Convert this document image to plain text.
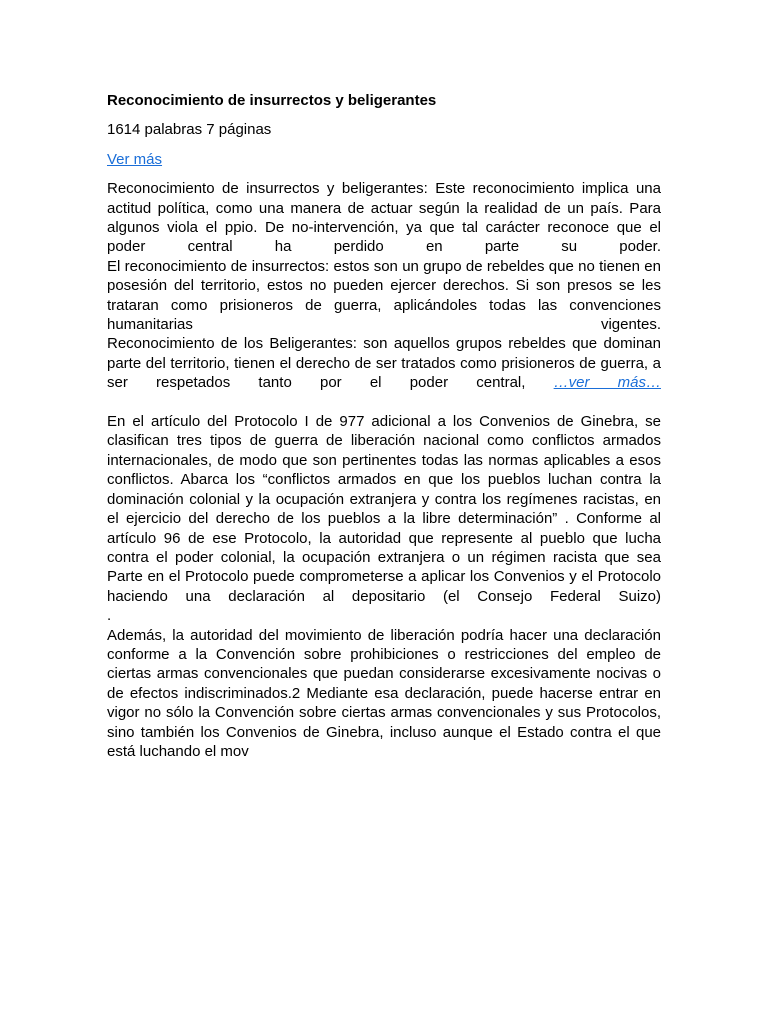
Reconocimiento de insurrectos y beligerantes
1614 palabras 7 páginas
Ver más

Reconocimiento de insurrectos y beligerantes: Este reconocimiento implica una actitud política, como una manera de actuar según la realidad de un país. Para algunos viola el ppio. De no-intervención, ya que tal carácter reconoce que el poder central ha perdido en parte su poder.

El reconocimiento de insurrectos: estos son un grupo de rebeldes que no tienen en posesión del territorio, estos no pueden ejercer derechos. Si son presos se les trataran como prisioneros de guerra, aplicándoles todas las convenciones humanitarias vigentes.

Reconocimiento de los Beligerantes: son aquellos grupos rebeldes que dominan parte del territorio, tienen el derecho de ser tratados como prisioneros de guerra, a ser respetados tanto por el poder central, …ver más…

En el artículo del Protocolo I de 977 adicional a los Convenios de Ginebra, se clasifican tres tipos de guerra de liberación nacional como conflictos armados internacionales, de modo que son pertinentes todas las normas aplicables a esos conflictos. Abarca los “conflictos armados en que los pueblos luchan contra la dominación colonial y la ocupación extranjera y contra los regímenes racistas, en el ejercicio del derecho de los pueblos a la libre determinación” . Conforme al artículo 96 de ese Protocolo, la autoridad que represente al pueblo que lucha contra el poder colonial, la ocupación extranjera o un régimen racista que sea Parte en el Protocolo puede comprometerse a aplicar los Convenios y el Protocolo haciendo una declaración al depositario (el Consejo Federal Suizo)

.

Además, la autoridad del movimiento de liberación podría hacer una declaración conforme a la Convención sobre prohibiciones o restricciones del empleo de ciertas armas convencionales que puedan considerarse excesivamente nocivas o de efectos indiscriminados.2 Mediante esa declaración, puede hacerse entrar en vigor no sólo la Convención sobre ciertas armas convencionales y sus Protocolos, sino también los Convenios de Ginebra, incluso aunque el Estado contra el que está luchando el mov
